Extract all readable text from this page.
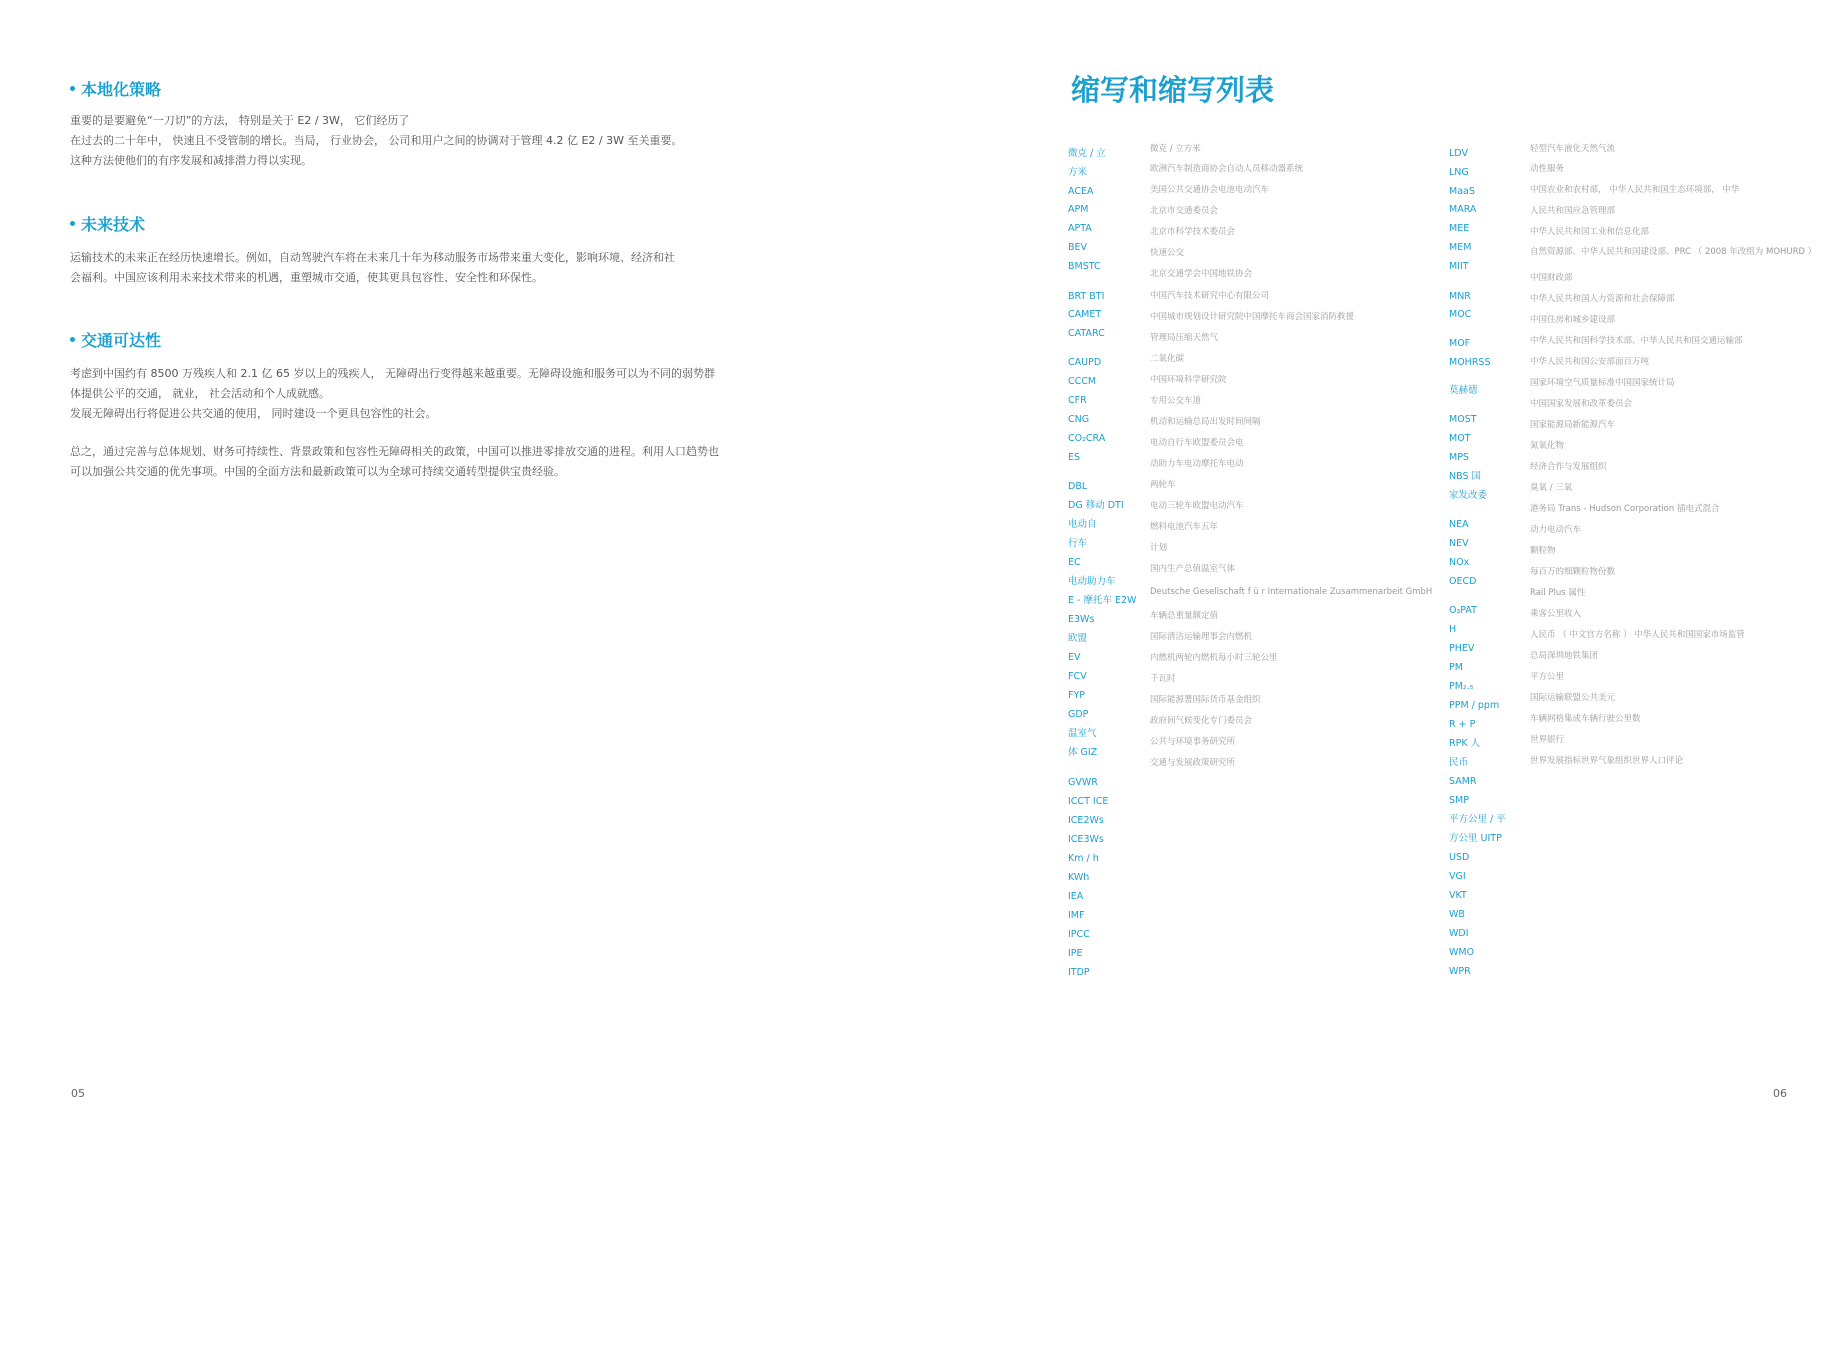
本地化策略

重要的是要避免“一刀切”的方法， 特别是关于 E2 / 3W， 它们经历了
在过去的二十年中， 快速且不受管制的增长。当局， 行业协会， 公司和用户之间的协调对于管理 4.2 亿 E2 / 3W 至关重要。
这种方法使他们的有序发展和减排潜力得以实现。

未来技术

运输技术的未来正在经历快速增长。例如，自动驾驶汽车将在未来几十年为移动服务市场带来重大变化，影响环境、经济和社
会福利。中国应该利用未来技术带来的机遇，重塑城市交通，使其更具包容性、安全性和环保性。

交通可达性

考虑到中国约有 8500 万残疾人和 2.1 亿 65 岁以上的残疾人， 无障碍出行变得越来越重要。无障碍设施和服务可以为不同的弱势群
体提供公平的交通， 就业， 社会活动和个人成就感。
发展无障碍出行将促进公共交通的使用， 同时建设一个更具包容性的社会。

总之，通过完善与总体规划、财务可持续性、背景政策和包容性无障碍相关的政策，中国可以推进零排放交通的进程。利用人口趋势也
可以加强公共交通的优先事项。中国的全面方法和最新政策可以为全球可持续交通转型提供宝贵经验。

05
缩写和缩写列表
微克 / 立
方米
ACEA
APM
APTA
BEV
BMSTC
BRT BTI
CAMET
CATARC
CAUPD
CCCM
CFR
CNG
CO₂CRA
ES
DBL
DG 移动 DTI
电动自
行车
EC
电动助力车
E - 摩托车 E2W
E3Ws
欧盟
EV
FCV
FYP
GDP
温室气
体 GIZ
GVWR
ICCT ICE
ICE2Ws
ICE3Ws
Km / h
KWh
IEA
IMF
IPCC
IPE
ITDP
微克 / 立方米
欧洲汽车制造商协会自动人员移动器系统
美国公共交通协会电池电动汽车
北京市交通委员会
北京市科学技术委员会
快速公交
北京交通学会中国地铁协会
中国汽车技术研究中心有限公司
中国城市规划设计研究院中国摩托车商会国家消防救援
管理局压缩天然气
二氧化碳
中国环境科学研究院
专用公交车道
机动和运输总局出发时间间隔
电动自行车欧盟委员会电
动助力车电动摩托车电动
两轮车
电动三轮车欧盟电动汽车
燃料电池汽车五年
计划
国内生产总值温室气体
Deutsche Gesellschaft f ü r Internationale Zusammenarbeit GmbH
车辆总重量额定值
国际清洁运输理事会内燃机
内燃机两轮内燃机每小时三轮公里
千瓦时
国际能源署国际货币基金组织
政府间气候变化专门委员会
公共与环境事务研究所
交通与发展政策研究所
LDV
LNG
MaaS
MARA
MEE
MEM
MIIT
MNR
MOC
MOF
MOHRSS
莫赫德
MOST
MOT
MPS
NBS 国
家发改委
NEA
NEV
NOx
OECD
O₃PAT
H
PHEV
PM
PM₂.₅
PPM / ppm
R + P
RPK 人
民币
SAMR
SMP
平方公里 / 平
方公里 UITP
USD
VGI
VKT
WB
WDI
WMO
WPR
轻型汽车液化天然气流
动性服务
中国农业和农村部， 中华人民共和国生态环境部， 中华
人民共和国应急管理部
中华人民共和国工业和信息化部
自然资源部、中华人民共和国建设部、PRC （ 2008 年改组为 MOHURD ）
中国财政部
中华人民共和国人力资源和社会保障部
中国住房和城乡建设部
中华人民共和国科学技术部、中华人民共和国交通运输部
中华人民共和国公安部面百万吨
国家环境空气质量标准中国国家统计局
中国国家发展和改革委员会
国家能源局新能源汽车
氮氧化物
经济合作与发展组织
臭氧 / 三氧
港务局 Trans - Hudson Corporation 插电式混合
动力电动汽车
颗粒物
每百万的细颗粒物份数
Rail Plus 属性
乘客公里收入
人民币 （ 中文官方名称 ） 中华人民共和国国家市场监管
总局深圳地铁集团
平方公里
国际运输联盟公共美元
车辆网格集成车辆行驶公里数
世界银行
世界发展指标世界气象组织世界人口评论
06
